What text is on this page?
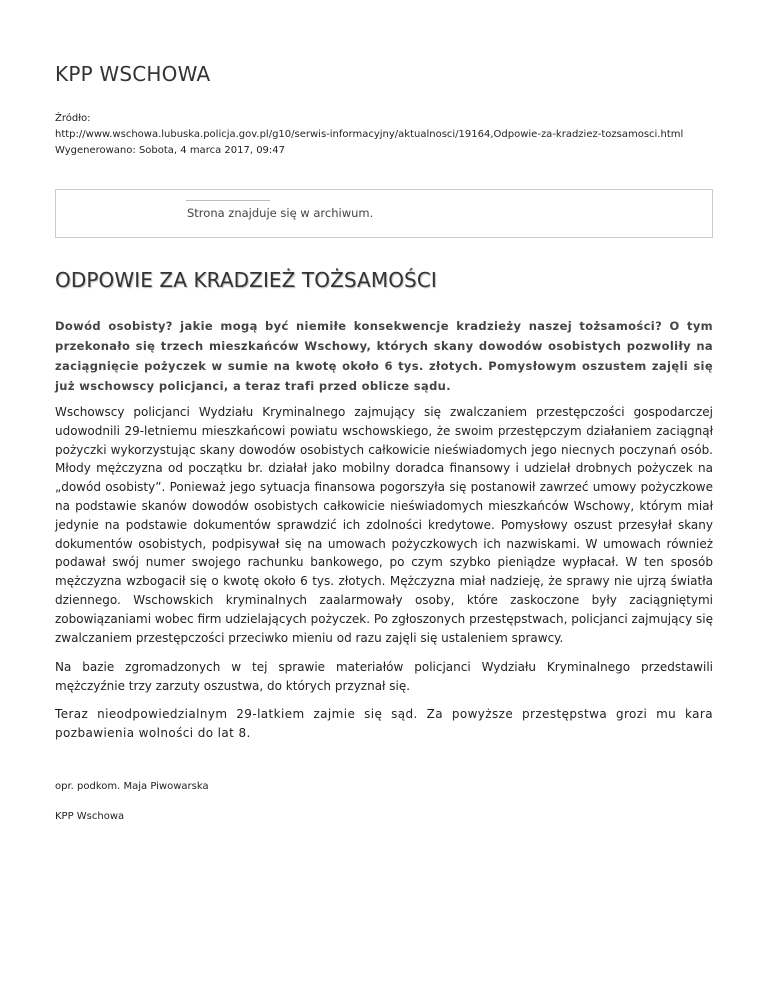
KPP WSCHOWA
Źródło:
http://www.wschowa.lubuska.policja.gov.pl/g10/serwis-informacyjny/aktualnosci/19164,Odpowie-za-kradziez-tozsamosci.html
Wygenerowano: Sobota, 4 marca 2017, 09:47
Strona znajduje się w archiwum.
ODPOWIE ZA KRADZIEŻ TOŻSAMOŚCI

Dowód osobisty? jakie mogą być niemiłe konsekwencje kradzieży naszej tożsamości? O tym przekonało się trzech mieszkańców Wschowy, których skany dowodów osobistych pozwoliły na zaciągnięcie pożyczek w sumie na kwotę około 6 tys. złotych. Pomysłowym oszustem zajęli się już wschowscy policjanci, a teraz trafi przed oblicze sądu.

Wschowscy policjanci Wydziału Kryminalnego zajmujący się zwalczaniem przestępczości gospodarczej udowodnili 29-letniemu mieszkańcowi powiatu wschowskiego, że swoim przestępczym działaniem zaciągnął pożyczki wykorzystując skany dowodów osobistych całkowicie nieświadomych jego niecnych poczynań osób. Młody mężczyzna od początku br. działał jako mobilny doradca finansowy i udzielał drobnych pożyczek na „dowód osobisty”. Ponieważ jego sytuacja finansowa pogorszyła się postanowił zawrzeć umowy pożyczkowe na podstawie skanów dowodów osobistych całkowicie nieświadomych mieszkańców Wschowy, którym miał jedynie na podstawie dokumentów sprawdzić ich zdolności kredytowe. Pomysłowy oszust przesyłał skany dokumentów osobistych, podpisywał się na umowach pożyczkowych ich nazwiskami. W umowach również podawał swój numer swojego rachunku bankowego, po czym szybko pieniądze wypłacał. W ten sposób mężczyzna wzbogacił się o kwotę około 6 tys. złotych. Mężczyzna miał nadzieję, że sprawy nie ujrzą światła dziennego. Wschowskich kryminalnych zaalarmowały osoby, które zaskoczone były zaciągniętymi zobowiązaniami wobec firm udzielających pożyczek. Po zgłoszonych przestępstwach, policjanci zajmujący się zwalczaniem przestępczości przeciwko mieniu od razu zajęli się ustaleniem sprawcy.

Na bazie zgromadzonych w tej sprawie materiałów policjanci Wydziału Kryminalnego przedstawili mężczyźnie trzy zarzuty oszustwa, do których przyznał się.

Teraz nieodpowiedzialnym 29-latkiem zajmie się sąd. Za powyższe przestępstwa grozi mu kara pozbawienia wolności do lat 8.

opr. podkom. Maja Piwowarska
KPP Wschowa
